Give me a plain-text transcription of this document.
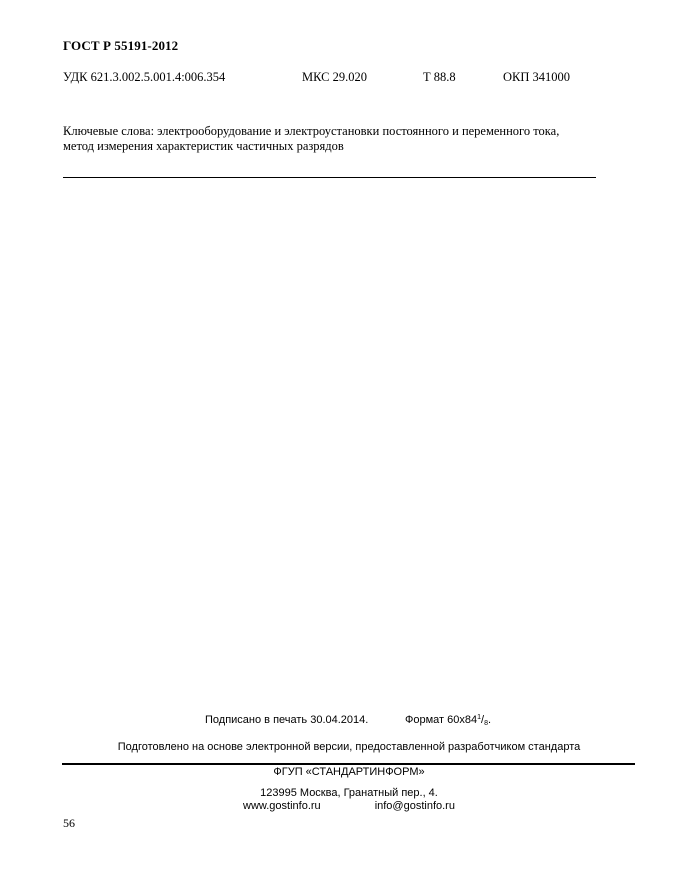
ГОСТ Р 55191-2012
УДК 621.3.002.5.001.4:006.354	МКС 29.020	Т 88.8	ОКП 341000
Ключевые слова: электрооборудование и электроустановки постоянного и переменного тока,
метод измерения характеристик частичных разрядов
Подписано в печать 30.04.2014.	Формат $60х84^1/_8$.
Подготовлено на основе электронной версии, предоставленной разработчиком стандарта
ФГУП «СТАНДАРТИНФОРМ»
123995 Москва, Гранатный пер., 4.
www.gostinfo.ru	info@gostinfo.ru
56
